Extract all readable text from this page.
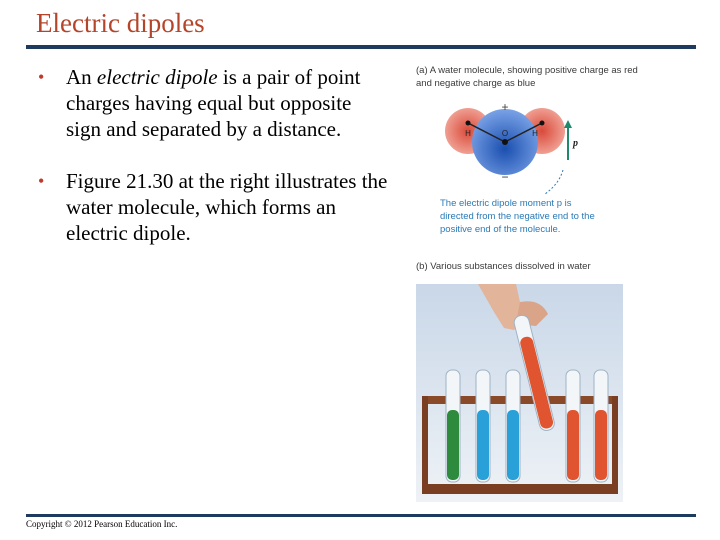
Electric dipoles
•	An electric dipole is a pair of point charges having equal but opposite sign and separated by a distance.
•	Figure 21.30 at the right illustrates the water molecule, which forms an electric dipole.
(a) A water molecule, showing positive charge as red and negative charge as blue
+
−
H	O	H
p
The electric dipole moment p is directed from the negative end to the positive end of the molecule.
(b) Various substances dissolved in water
Copyright © 2012 Pearson Education Inc.
